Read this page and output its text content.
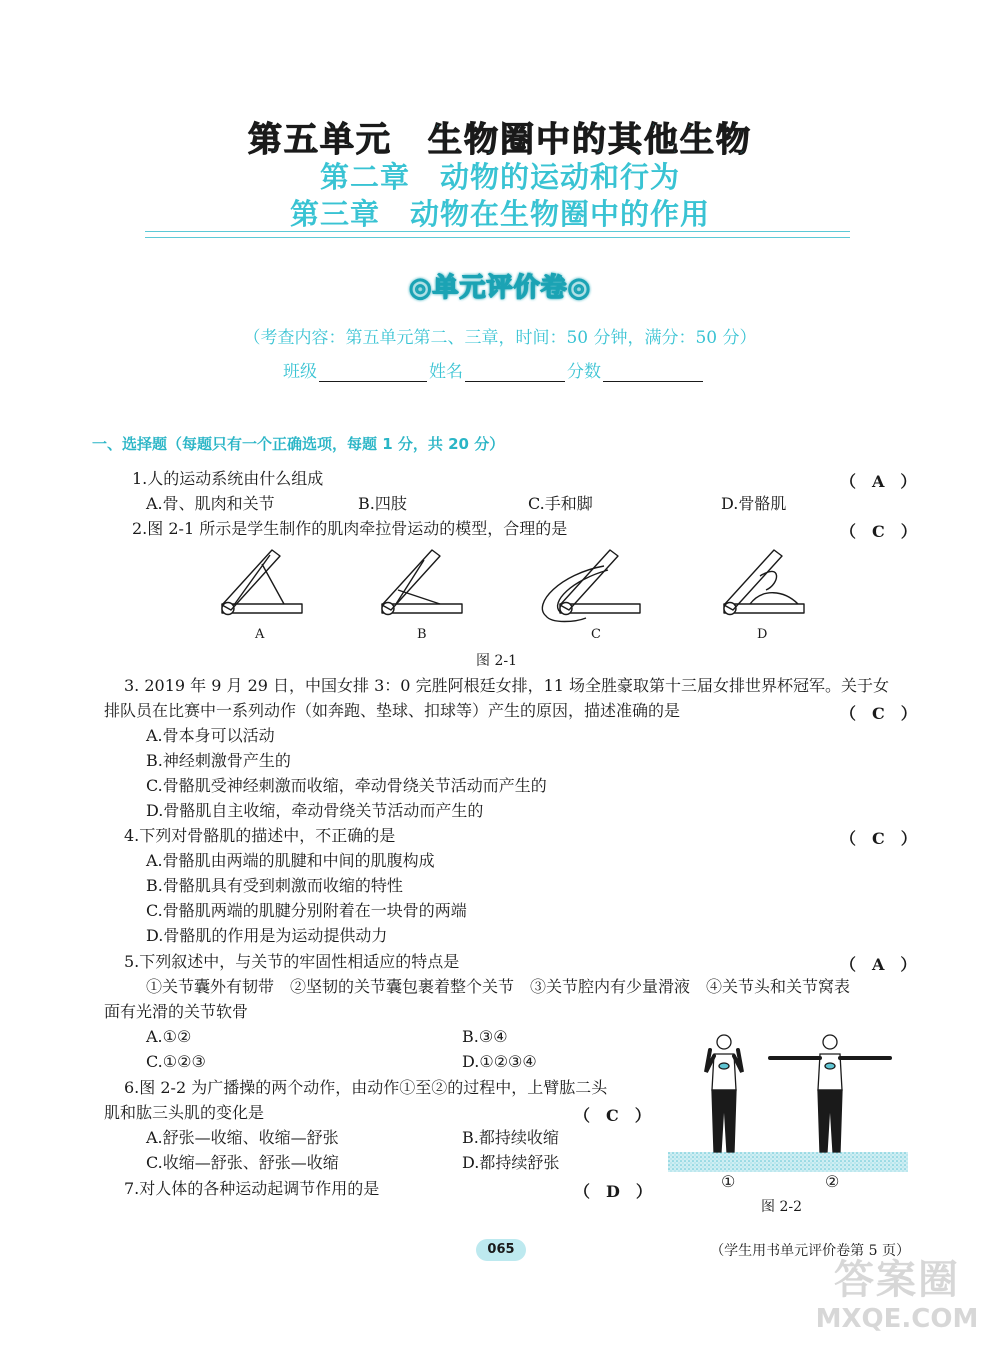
第五单元　生物圈中的其他生物
第二章　动物的运动和行为
第三章　动物在生物圈中的作用
◎单元评价卷◎
（考查内容：第五单元第二、三章，时间：50 分钟，满分：50 分）
班级	姓名	分数
一、选择题（每题只有一个正确选项，每题 1 分，共 20 分）
1.人的运动系统由什么组成	（　A　）
A.骨、肌肉和关节	B.四肢	C.手和脚	D.骨骼肌
2.图 2-1 所示是学生制作的肌肉牵拉骨运动的模型，合理的是	（　C　）
A	B	C	D
图 2-1
3. 2019 年 9 月 29 日，中国女排 3：0 完胜阿根廷女排，11 场全胜豪取第十三届女排世界杯冠军。关于女
排队员在比赛中一系列动作（如奔跑、垫球、扣球等）产生的原因，描述准确的是	（　C　）
A.骨本身可以活动
B.神经刺激骨产生的
C.骨骼肌受神经刺激而收缩，牵动骨绕关节活动而产生的
D.骨骼肌自主收缩，牵动骨绕关节活动而产生的
4.下列对骨骼肌的描述中，不正确的是	（　C　）
A.骨骼肌由两端的肌腱和中间的肌腹构成
B.骨骼肌具有受到刺激而收缩的特性
C.骨骼肌两端的肌腱分别附着在一块骨的两端
D.骨骼肌的作用是为运动提供动力
5.下列叙述中，与关节的牢固性相适应的特点是	（　A　）
①关节囊外有韧带　②坚韧的关节囊包裹着整个关节　③关节腔内有少量滑液　④关节头和关节窝表
面有光滑的关节软骨
A.①②	B.③④
C.①②③	D.①②③④
6.图 2-2 为广播操的两个动作，由动作①至②的过程中，上臂肱二头
肌和肱三头肌的变化是	（　C　）
A.舒张—收缩、收缩—舒张	B.都持续收缩
C.收缩—舒张、舒张—收缩	D.都持续舒张
①	②
图 2-2
7.对人体的各种运动起调节作用的是	（　D　）
065	（学生用书单元评价卷第 5 页）
答案圈
MXQE.COM
